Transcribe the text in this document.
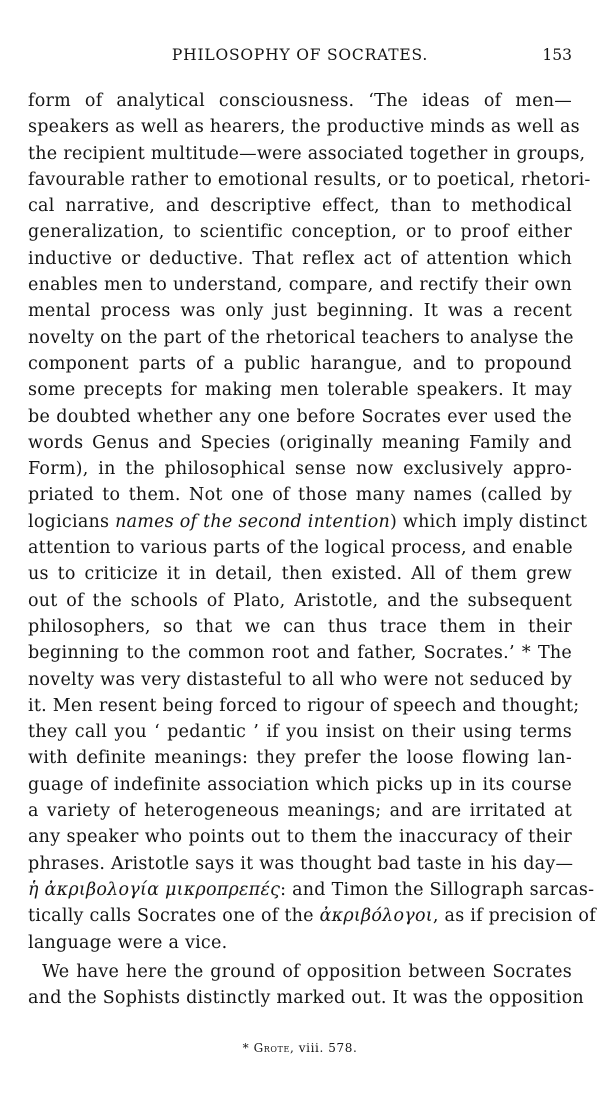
PHILOSOPHY OF SOCRATES.	153

form of analytical consciousness. ‘The ideas of men—
speakers as well as hearers, the productive minds as well as
the recipient multitude—were associated together in groups,
favourable rather to emotional results, or to poetical, rhetori-
cal narrative, and descriptive effect, than to methodical
generalization, to scientific conception, or to proof either
inductive or deductive. That reflex act of attention which
enables men to understand, compare, and rectify their own
mental process was only just beginning. It was a recent
novelty on the part of the rhetorical teachers to analyse the
component parts of a public harangue, and to propound
some precepts for making men tolerable speakers. It may
be doubted whether any one before Socrates ever used the
words Genus and Species (originally meaning Family and
Form), in the philosophical sense now exclusively appro-
priated to them. Not one of those many names (called by
logicians names of the second intention) which imply distinct
attention to various parts of the logical process, and enable
us to criticize it in detail, then existed. All of them grew
out of the schools of Plato, Aristotle, and the subsequent
philosophers, so that we can thus trace them in their
beginning to the common root and father, Socrates.’ * The
novelty was very distasteful to all who were not seduced by
it. Men resent being forced to rigour of speech and thought;
they call you ‘ pedantic ’ if you insist on their using terms
with definite meanings: they prefer the loose flowing lan-
guage of indefinite association which picks up in its course
a variety of heterogeneous meanings; and are irritated at
any speaker who points out to them the inaccuracy of their
phrases. Aristotle says it was thought bad taste in his day—
ἡ ἀκριβολογία μικροπρεπές: and Timon the Sillograph sarcas-
tically calls Socrates one of the ἀκριβόλογοι, as if precision of
language were a vice.

We have here the ground of opposition between Socrates
and the Sophists distinctly marked out. It was the opposition

* Grote, viii. 578.
